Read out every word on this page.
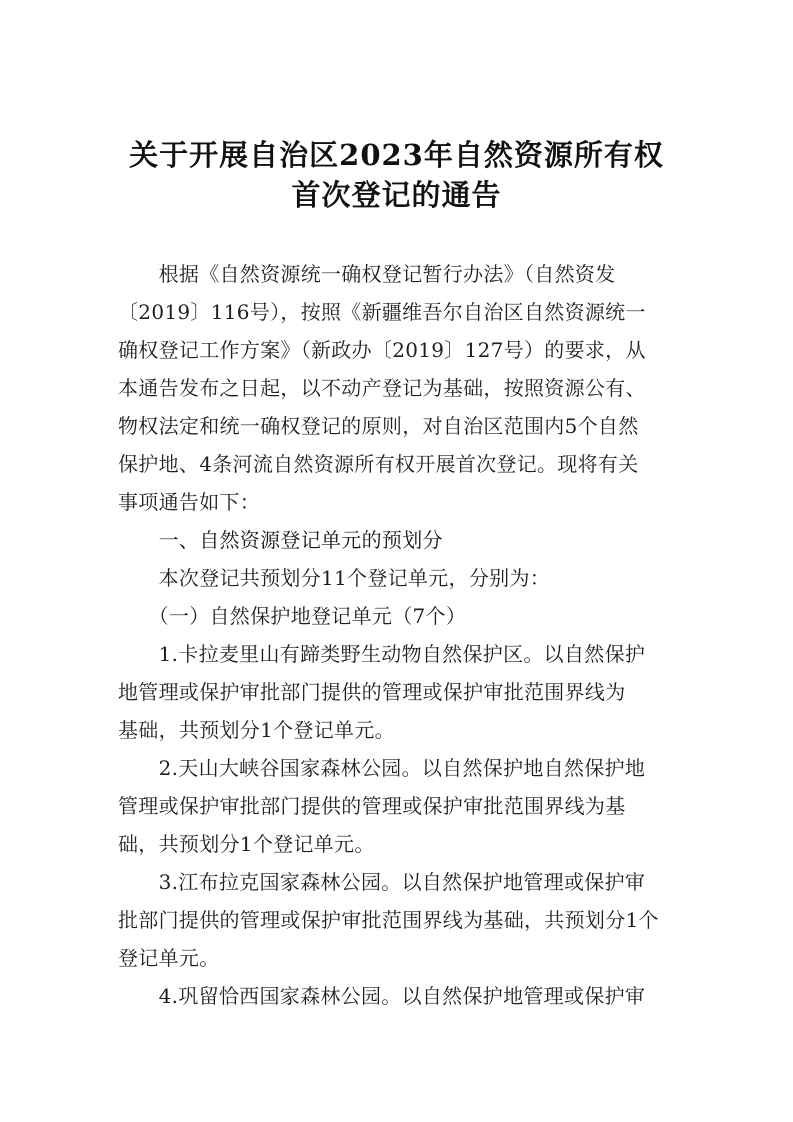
关于开展自治区2023年自然资源所有权
首次登记的通告
　　根据《自然资源统一确权登记暂行办法》（自然资发
〔2019〕116号），按照《新疆维吾尔自治区自然资源统一
确权登记工作方案》（新政办〔2019〕127号）的要求，从
本通告发布之日起，以不动产登记为基础，按照资源公有、
物权法定和统一确权登记的原则，对自治区范围内5个自然
保护地、4条河流自然资源所有权开展首次登记。现将有关
事项通告如下：
　　一、自然资源登记单元的预划分
　　本次登记共预划分11个登记单元，分别为：
　　（一）自然保护地登记单元（7个）
　　1.卡拉麦里山有蹄类野生动物自然保护区。以自然保护
地管理或保护审批部门提供的管理或保护审批范围界线为
基础，共预划分1个登记单元。
　　2.天山大峡谷国家森林公园。以自然保护地自然保护地
管理或保护审批部门提供的管理或保护审批范围界线为基
础，共预划分1个登记单元。
　　3.江布拉克国家森林公园。以自然保护地管理或保护审
批部门提供的管理或保护审批范围界线为基础，共预划分1个
登记单元。
　　4.巩留恰西国家森林公园。以自然保护地管理或保护审
